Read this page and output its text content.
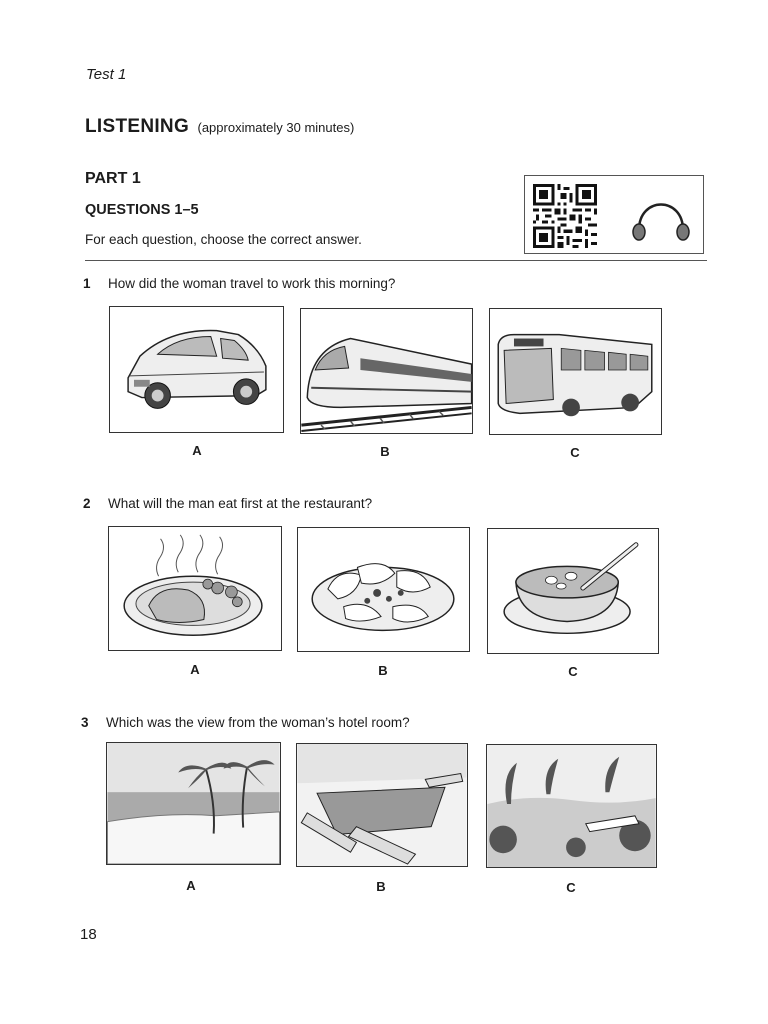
Test 1
LISTENING (approximately 30 minutes)
PART 1
QUESTIONS 1–5
For each question, choose the correct answer.
1 How did the woman travel to work this morning?
A	B	C
2 What will the man eat first at the restaurant?
A	B	C
3 Which was the view from the woman’s hotel room?
A	B	C
18
